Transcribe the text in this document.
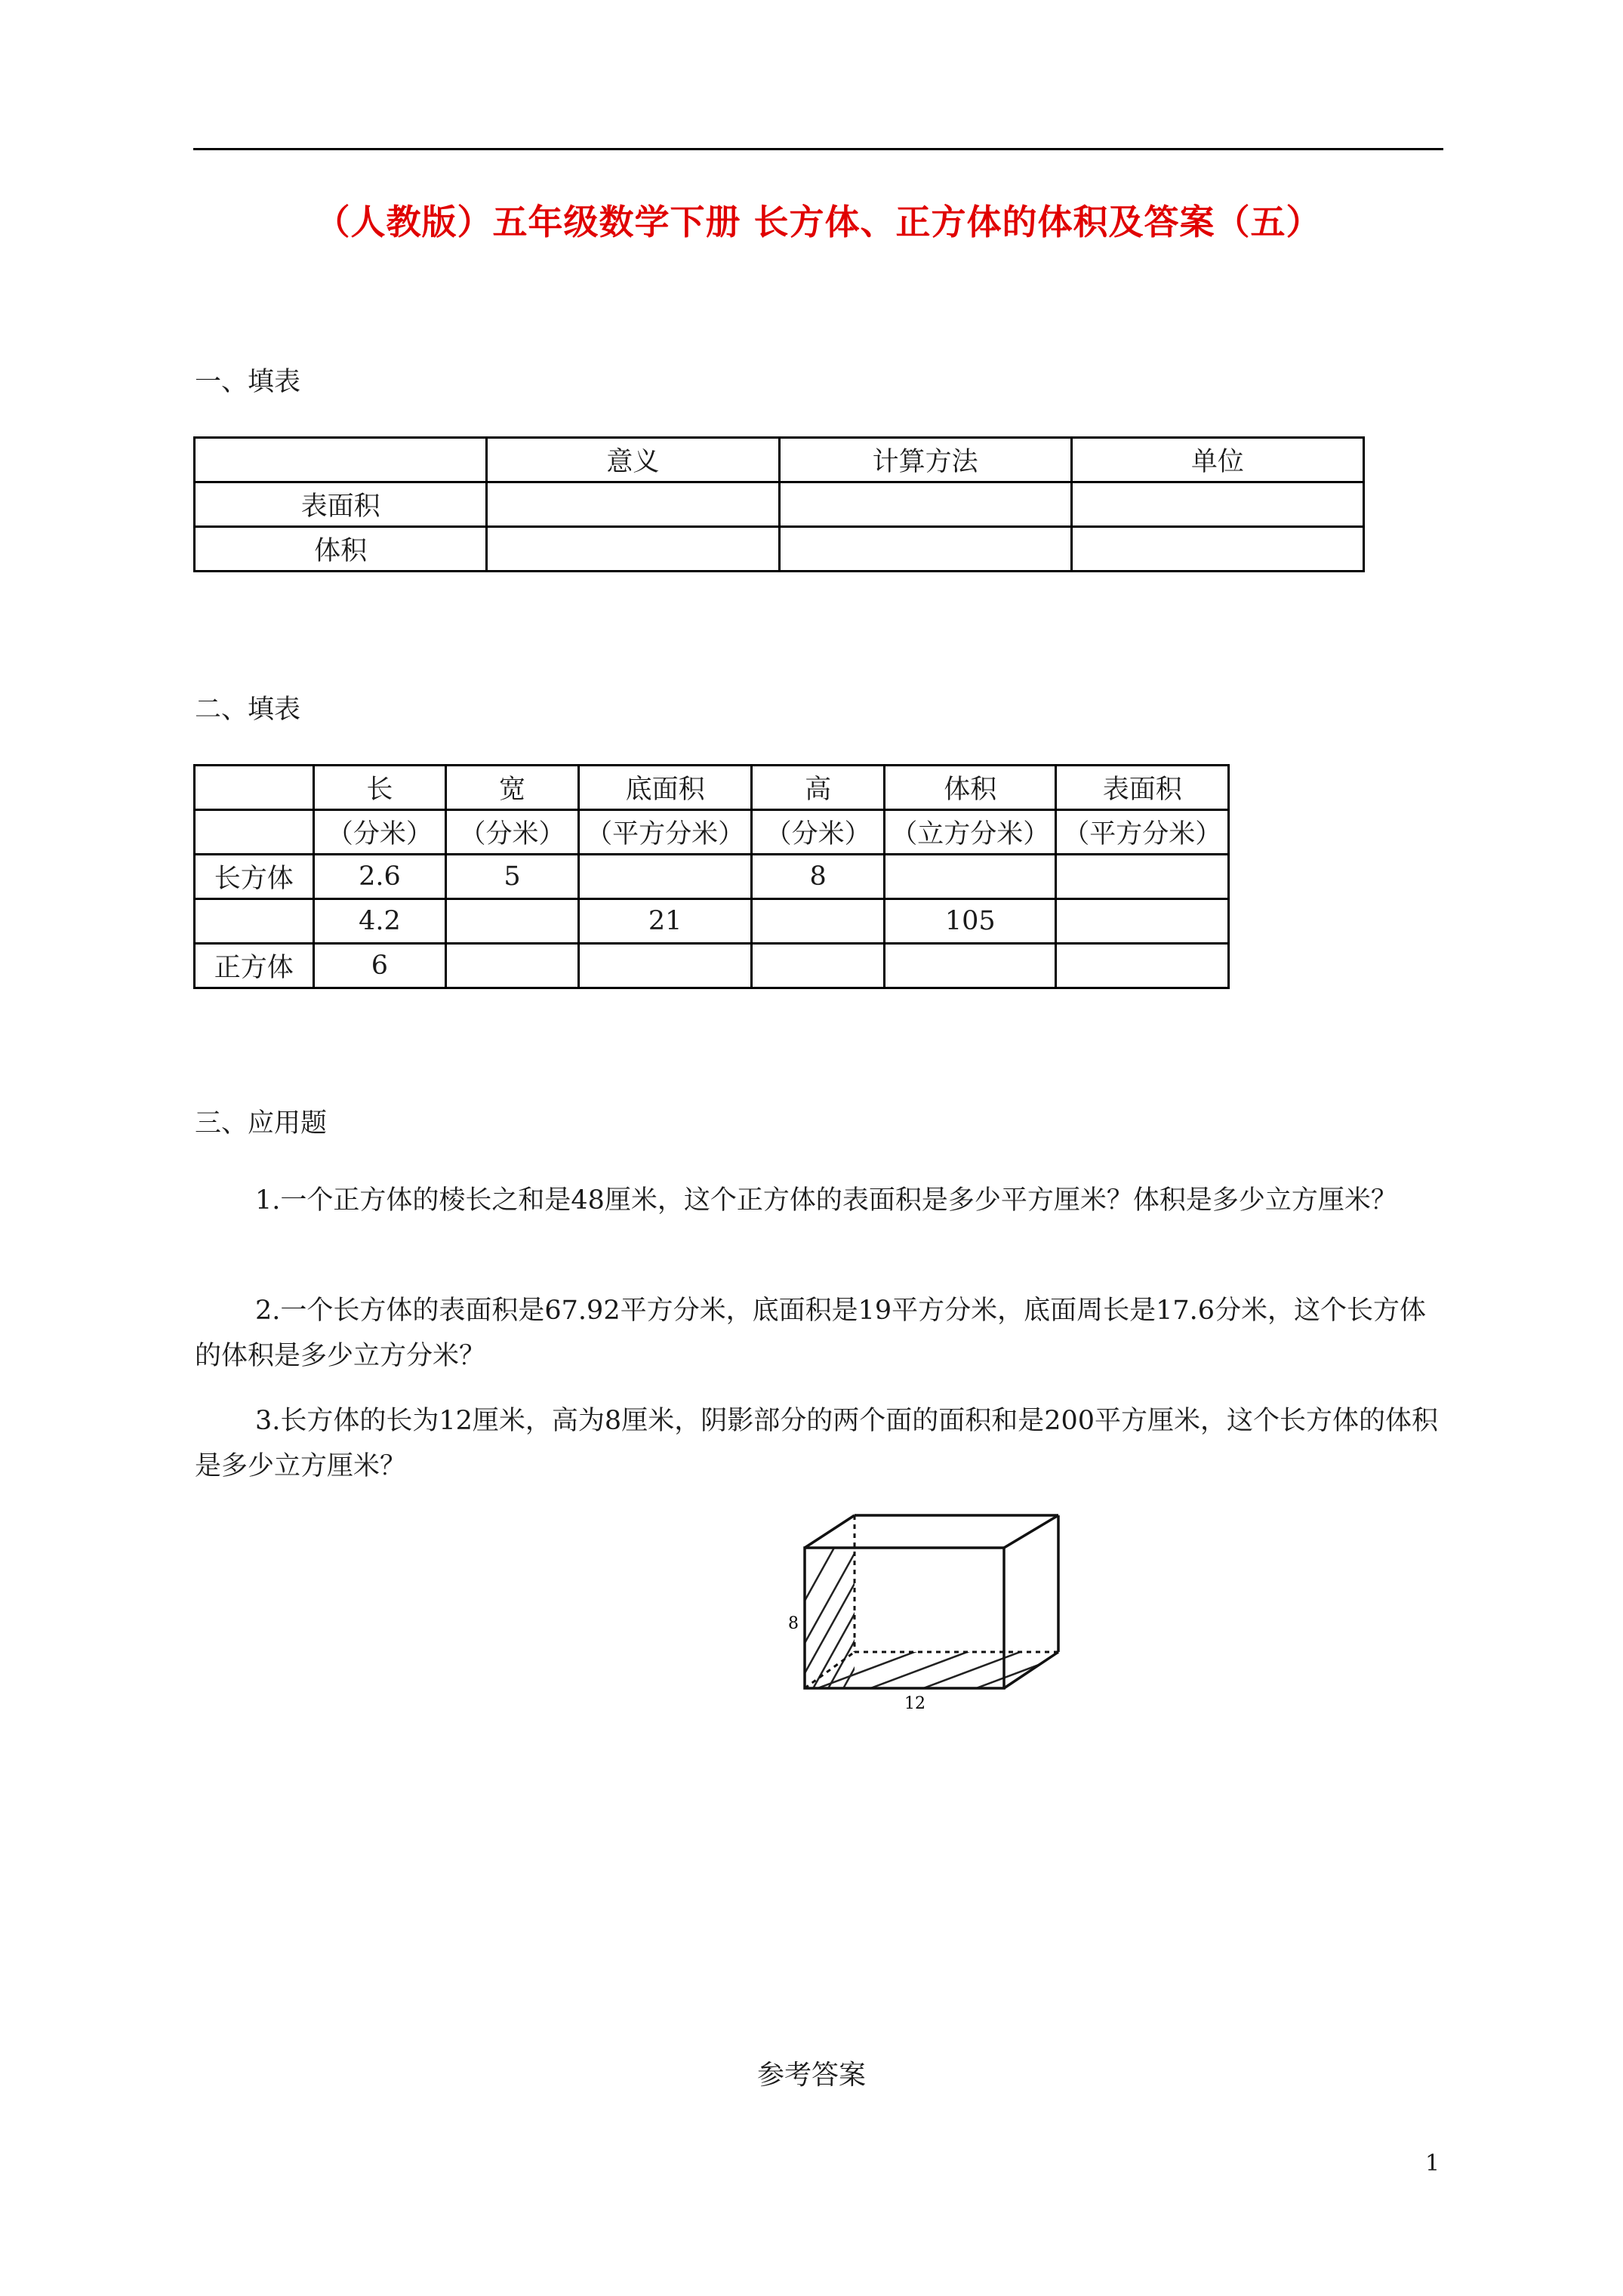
（人教版）五年级数学下册 长方体、正方体的体积及答案（五）
一、填表
	意义	计算方法	单位
表面积			
体积			
二、填表
	长	宽	底面积	高	体积	表面积
	（分米）	（分米）	（平方分米）	（分米）	（立方分米）	（平方分米）
长方体	2.6	5		8		
	4.2		21		105	
正方体	6					
三、应用题
1.一个正方体的棱长之和是48厘米，这个正方体的表面积是多少平方厘米？体积是多少立方厘米？
2.一个长方体的表面积是67.92平方分米，底面积是19平方分米，底面周长是17.6分米，这个长方体的体积是多少立方分米？
3.长方体的长为12厘米，高为8厘米，阴影部分的两个面的面积和是200平方厘米，这个长方体的体积是多少立方厘米？
8
12
参考答案
1
